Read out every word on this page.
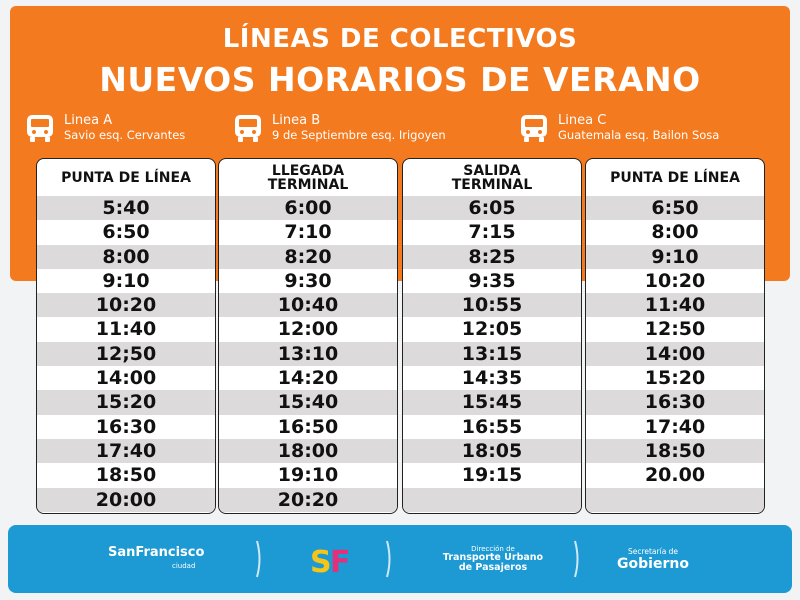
LÍNEAS DE COLECTIVOS
NUEVOS HORARIOS DE VERANO
Linea A
Savio esq. Cervantes
Linea B
9 de Septiembre esq. Irigoyen
Linea C
Guatemala esq. Bailon Sosa
PUNTA DE LÍNEA
5:40
6:50
8:00
9:10
10:20
11:40
12;50
14:00
15:20
16:30
17:40
18:50
20:00
LLEGADA TERMINAL
6:00
7:10
8:20
9:30
10:40
12:00
13:10
14:20
15:40
16:50
18:00
19:10
20:20
SALIDA TERMINAL
6:05
7:15
8:25
9:35
10:55
12:05
13:15
14:35
15:45
16:55
18:05
19:15
PUNTA DE LÍNEA
6:50
8:00
9:10
10:20
11:40
12:50
14:00
15:20
16:30
17:40
18:50
20.00
SanFrancisco
ciudad	S
F	Dirección de
Transporte Urbano
de Pasajeros
Secretaría de
Gobierno
